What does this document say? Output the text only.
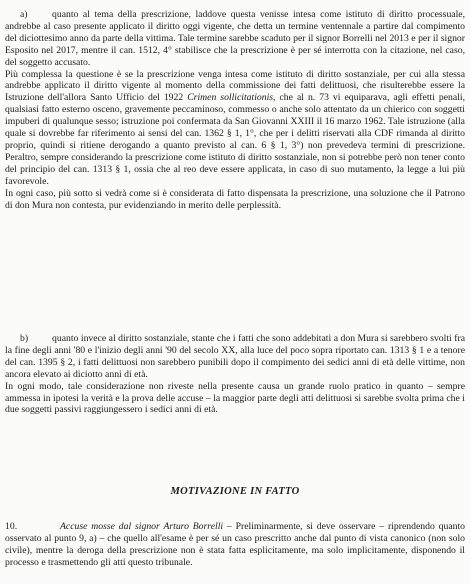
a)	quanto al tema della prescrizione, laddove questa venisse intesa come istituto di diritto processuale, andrebbe al caso presente applicato il diritto oggi vigente, che detta un termine ventennale a partire dal compimento del diciottesimo anno da parte della vittima. Tale termine sarebbe scaduto per il signor Borrelli nel 2013 e per il signor Esposito nel 2017, mentre il can. 1512, 4° stabilisce che la prescrizione è per sé interrotta con la citazione, nel caso, del soggetto accusato.

Più complessa la questione è se la prescrizione venga intesa come istituto di diritto sostanziale, per cui alla stessa andrebbe applicato il diritto vigente al momento della commissione dei fatti delittuosi, che risulterebbe essere la Istruzione dell'allora Santo Ufficio del 1922 Crimen sollicitationis, che al n. 73 vi equiparava, agli effetti penali, qualsiasi fatto esterno osceno, gravemente peccaminoso, commesso o anche solo attentato da un chierico con soggetti impuberi di qualunque sesso; istruzione poi confermata da San Giovanni XXIII il 16 marzo 1962. Tale istruzione (alla quale si dovrebbe far riferimento ai sensi del can. 1362 § 1, 1°, che per i delitti riservati alla CDF rimanda al diritto proprio, quindi si ritiene derogando a quanto previsto al can. 6 § 1, 3°) non prevedeva termini di prescrizione. Peraltro, sempre considerando la prescrizione come istituto di diritto sostanziale, non si potrebbe però non tener conto del principio del can. 1313 § 1, ossia che al reo deve essere applicata, in caso di suo mutamento, la legge a lui più favorevole.

In ogni caso, più sotto si vedrà come si è considerata di fatto dispensata la prescrizione, una soluzione che il Patrono di don Mura non contesta, pur evidenziando in merito delle perplessità.

b) quanto invece al diritto sostanziale, stante che i fatti che sono addebitati a don Mura si sarebbero svolti fra la fine degli anni '80 e l'inizio degli anni '90 del secolo XX, alla luce del poco sopra riportato can. 1313 § 1 e a tenore del can. 1395 § 2, i fatti delittuosi non sarebbero punibili dopo il compimento dei sedici anni di età delle vittime, non ancora elevato ai diciotto anni di età.

In ogni modo, tale considerazione non riveste nella presente causa un grande ruolo pratico in quanto – sempre ammessa in ipotesi la verità e la prova delle accuse – la maggior parte degli atti delittuosi si sarebbe svolta prima che i due soggetti passivi raggiungessero i sedici anni di età.

MOTIVAZIONE IN FATTO

10.	Accuse mosse dal signor Arturo Borrelli – Preliminarmente, si deve osservare – riprendendo quanto osservato al punto 9, a) – che quello all'esame è per sé un caso prescritto anche dal punto di vista canonico (non solo civile), mentre la deroga della prescrizione non è stata fatta esplicitamente, ma solo implicitamente, disponendo il processo e trasmettendo gli atti questo tribunale.
